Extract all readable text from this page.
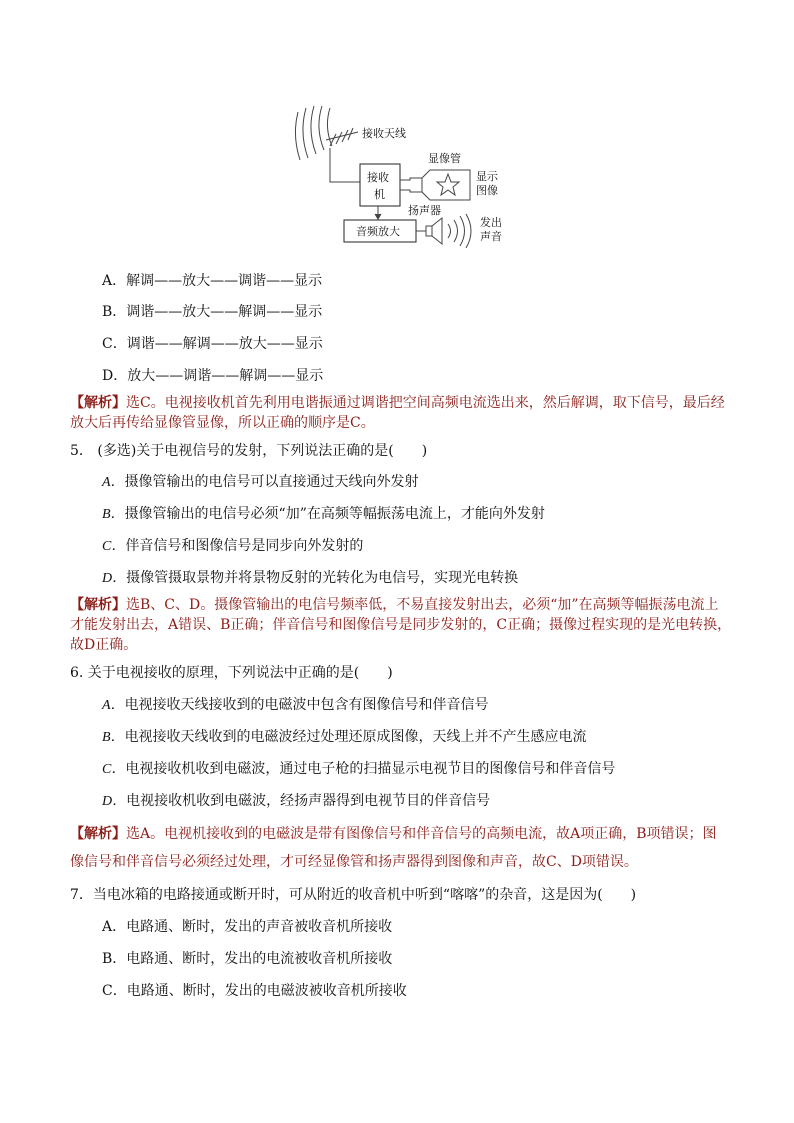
接收天线
显像管
接收
机
显示
图像
扬声器
音频放大
发出
声音
A．解调——放大——调谐——显示
B．调谐——放大——解调——显示
C．调谐——解调——放大——显示
D．放大——调谐——解调——显示
【解析】选C。电视接收机首先利用电谐振通过调谐把空间高频电流选出来，然后解调，取下信号，最后经
放大后再传给显像管显像，所以正确的顺序是C。
5． (多选)关于电视信号的发射，下列说法正确的是(　　)
A．摄像管输出的电信号可以直接通过天线向外发射
B．摄像管输出的电信号必须“加”在高频等幅振荡电流上，才能向外发射
C．伴音信号和图像信号是同步向外发射的
D．摄像管摄取景物并将景物反射的光转化为电信号，实现光电转换
【解析】选B、C、D。摄像管输出的电信号频率低，不易直接发射出去，必须“加”在高频等幅振荡电流上
才能发射出去，A错误、B正确；伴音信号和图像信号是同步发射的，C正确；摄像过程实现的是光电转换，
故D正确。
6. 关于电视接收的原理，下列说法中正确的是(　　)
A．电视接收天线接收到的电磁波中包含有图像信号和伴音信号
B．电视接收天线收到的电磁波经过处理还原成图像，天线上并不产生感应电流
C．电视接收机收到电磁波，通过电子枪的扫描显示电视节目的图像信号和伴音信号
D．电视接收机收到电磁波，经扬声器得到电视节目的伴音信号
【解析】选A。电视机接收到的电磁波是带有图像信号和伴音信号的高频电流，故A项正确，B项错误；图
像信号和伴音信号必须经过处理，才可经显像管和扬声器得到图像和声音，故C、D项错误。
7．当电冰箱的电路接通或断开时，可从附近的收音机中听到“喀喀”的杂音，这是因为(　　)
A．电路通、断时，发出的声音被收音机所接收
B．电路通、断时，发出的电流被收音机所接收
C．电路通、断时，发出的电磁波被收音机所接收
